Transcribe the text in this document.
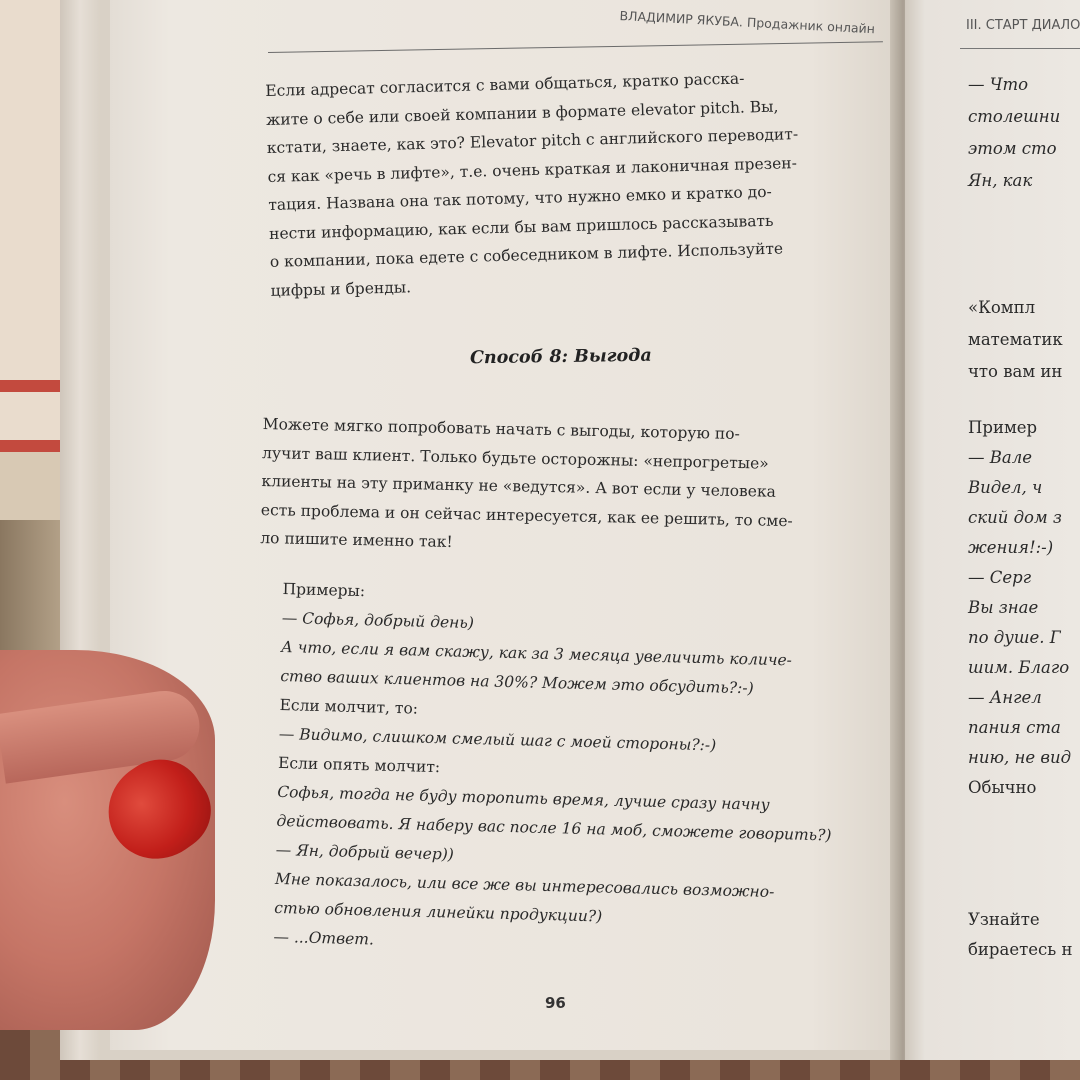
ВЛАДИМИР ЯКУБА. Продажник онлайн

Если адресат согласится с вами общаться, кратко расска-

жите о себе или своей компании в формате elevator pitch. Вы,

кстати, знаете, как это? Elevator pitch с английского переводит-

ся как «речь в лифте», т.е. очень краткая и лаконичная презен-

тация. Названа она так потому, что нужно емко и кратко до-

нести информацию, как если бы вам пришлось рассказывать

о компании, пока едете с собеседником в лифте. Используйте

цифры и бренды.

Способ 8: Выгода

Можете мягко попробовать начать с выгоды, которую по-

лучит ваш клиент. Только будьте осторожны: «непрогретые»

клиенты на эту приманку не «ведутся». А вот если у человека

есть проблема и он сейчас интересуется, как ее решить, то сме-

ло пишите именно так!

Примеры:

— Софья, добрый день)

А что, если я вам скажу, как за 3 месяца увеличить количе-

ство ваших клиентов на 30%? Можем это обсудить?:-)

Если молчит, то:

— Видимо, слишком смелый шаг с моей стороны?:-)

Если опять молчит:

Софья, тогда не буду торопить время, лучше сразу начну

действовать. Я наберу вас после 16 на моб, сможете говорить?)

— Ян, добрый вечер))

Мне показалось, или все же вы интересовались возможно-

стью обновления линейки продукции?)

— ...Ответ.

96
III. СТАРТ ДИАЛО
— Что
столешни
этом сто
Ян, как
«Компл
математик
что вам ин
Пример
— Вале
Видел, ч
ский дом з
жения!:-)
— Серг
Вы знае
по душе. Г
шим. Благо
— Ангел
пания ста
нию, не вид
Обычно
Узнайте
бираетесь н
